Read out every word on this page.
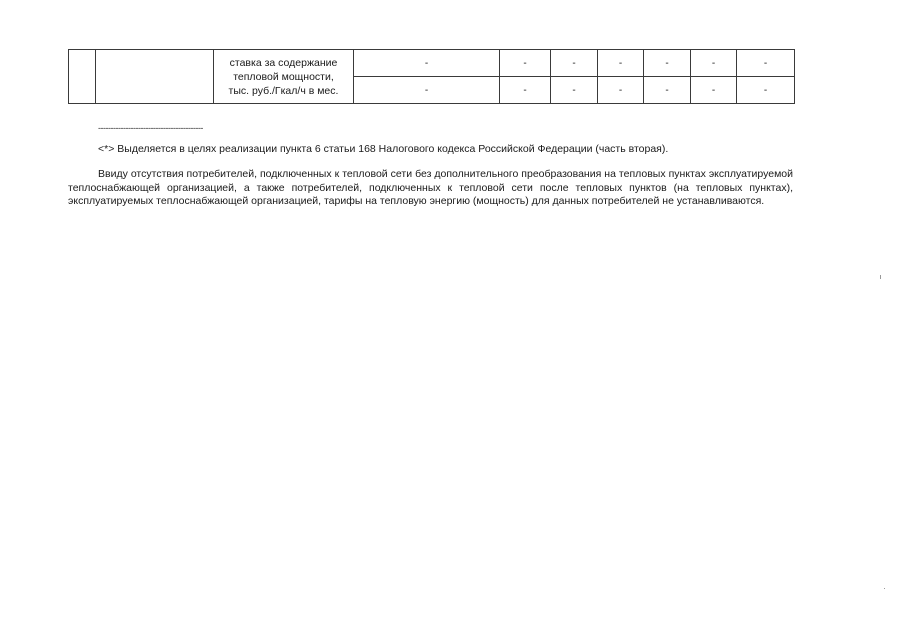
		ставка за содержание
тепловой мощности,
тыс. руб./Гкал/ч в мес.	-	-	-	-	-	-	-
			-	-	-	-	-	-	-
------------------------------------------
<*> Выделяется в целях реализации пункта 6 статьи 168 Налогового кодекса Российской Федерации (часть вторая).

Ввиду отсутствия потребителей, подключенных к тепловой сети без дополнительного преобразования на тепловых пунктах эксплуатируемой теплоснабжающей организацией, а также потребителей, подключенных к тепловой сети после тепловых пунктов (на тепловых пунктах), эксплуатируемых теплоснабжающей организацией, тарифы на тепловую энергию (мощность) для данных потребителей не устанавливаются.
